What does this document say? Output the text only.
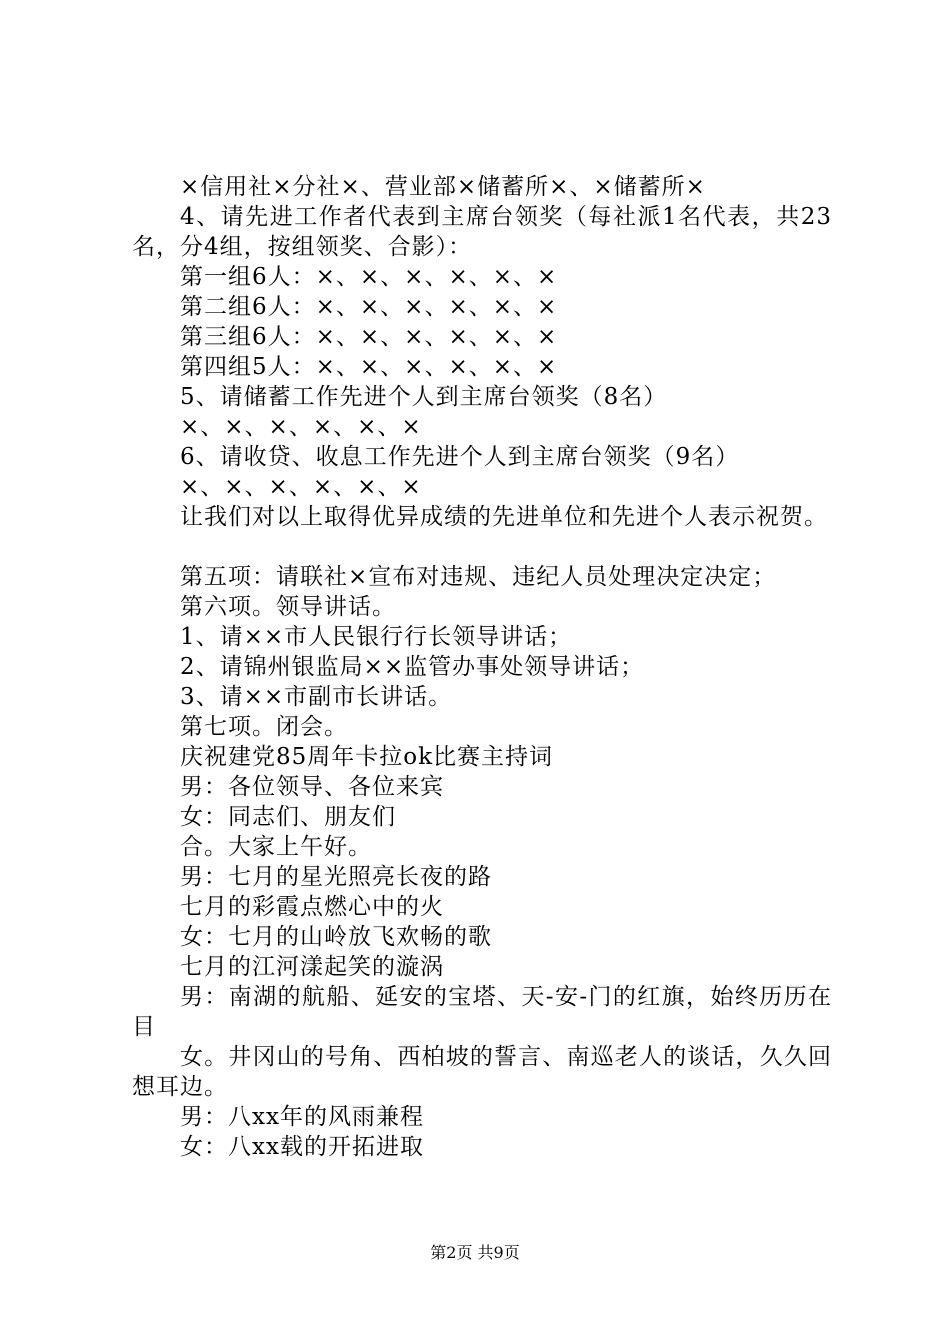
×信用社×分社×、营业部×储蓄所×、×储蓄所×
4、请先进工作者代表到主席台领奖（每社派1名代表，共23名，分4组，按组领奖、合影）：
第一组6人：×、×、×、×、×、×
第二组6人：×、×、×、×、×、×
第三组6人：×、×、×、×、×、×
第四组5人：×、×、×、×、×、×
5、请储蓄工作先进个人到主席台领奖（8名）
×、×、×、×、×、×
6、请收贷、收息工作先进个人到主席台领奖（9名）
×、×、×、×、×、×
让我们对以上取得优异成绩的先进单位和先进个人表示祝贺。
第五项：请联社×宣布对违规、违纪人员处理决定决定；
第六项。领导讲话。
1、请××市人民银行行长领导讲话；
2、请锦州银监局××监管办事处领导讲话；
3、请××市副市长讲话。
第七项。闭会。
庆祝建党85周年卡拉ok比赛主持词
男：各位领导、各位来宾
女：同志们、朋友们
合。大家上午好。
男：七月的星光照亮长夜的路
七月的彩霞点燃心中的火
女：七月的山岭放飞欢畅的歌
七月的江河漾起笑的漩涡
男：南湖的航船、延安的宝塔、天-安-门的红旗，始终历历在目
女。井冈山的号角、西柏坡的誓言、南巡老人的谈话，久久回想耳边。
男：八xx年的风雨兼程
女：八xx载的开拓进取
第2页 共9页
